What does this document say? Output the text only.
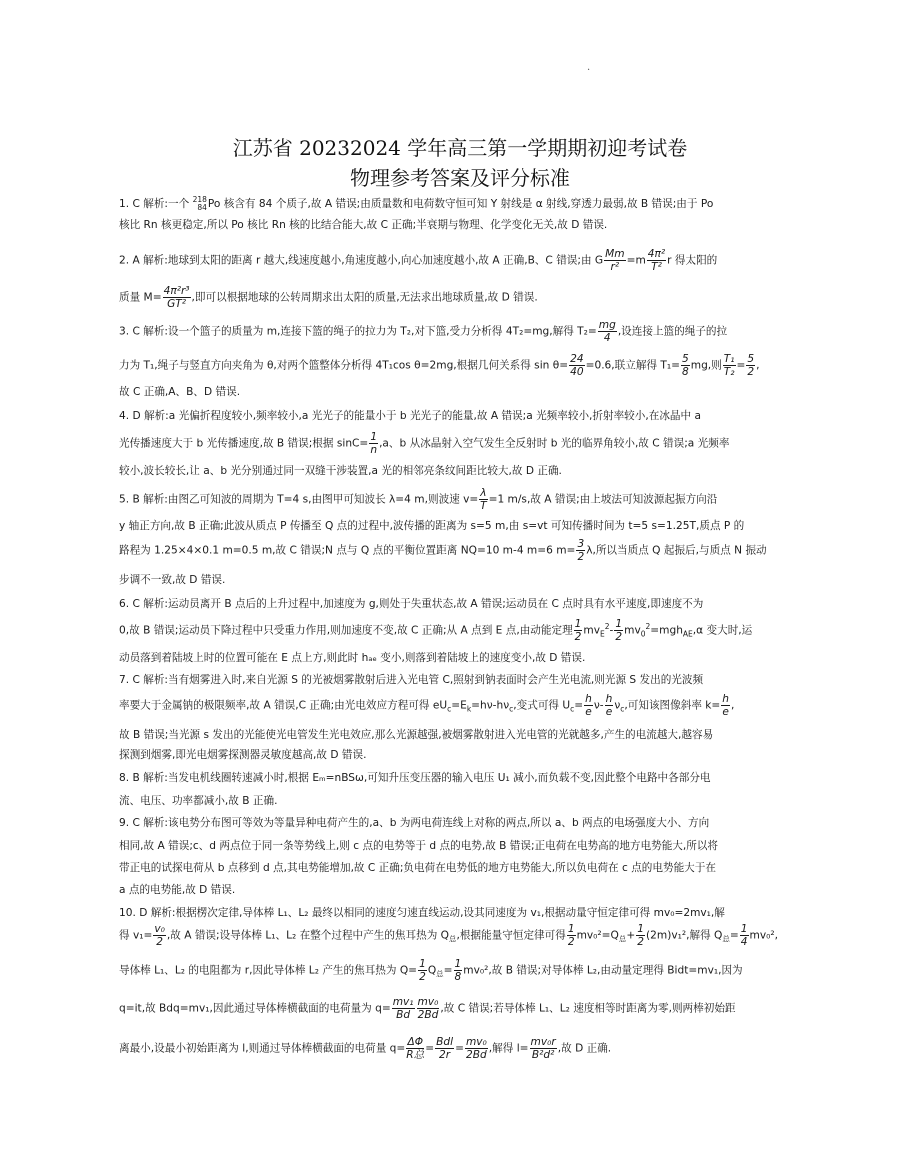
.
江苏省 20232024 学年高三第一学期期初迎考试卷
物理参考答案及评分标准
1. C 解析:一个 218
84 Po 核含有 84 个质子,故 A 错误;由质量数和电荷数守恒可知 Y 射线是 α 射线,穿透力最弱,故 B 错误;由于 Po
核比 Rn 核更稳定,所以 Po 核比 Rn 核的比结合能大,故 C 正确;半衰期与物理、化学变化无关,故 D 错误.
2. A 解析:地球到太阳的距离 r 越大,线速度越小,角速度越小,向心加速度越小,故 A 正确,B、C 错误;由 G $\frac{Mm}{\text{r²}} =m \frac{\text{4π²}}{\text{T²}}$ r 得太阳的
质量 $M= \frac{\text{4π²r³}}{\text{GT²}}$ ,即可以根据地球的公转周期求出太阳的质量,无法求出地球质量,故 D 错误.
3. C 解析:设一个篮子的质量为 m,连接下篮的绳子的拉力为 T₂,对下篮,受力分析得 4T₂=mg,解得 $T_2= \frac{mg}{4}$ ,设连接上篮的绳子的拉
力为 T₁,绳子与竖直方向夹角为 θ,对两个篮整体分析得 4T₁cos θ=2mg,根据几何关系得 $\sin \theta= \frac{24}{40} =0.6$,联立解得 $T_1= \frac{5}{8}$ mg,则 $\frac{\text{T₁}}{\text{T₂}} = \frac{5}{2}$ ,
故 C 正确,A、B、D 错误.
4. D 解析:a 光偏折程度较小,频率较小,a 光光子的能量小于 b 光光子的能量,故 A 错误;a 光频率较小,折射率较小,在冰晶中 a
光传播速度大于 b 光传播速度,故 B 错误;根据 $\sin C= \frac{1}{n} ,a$、b 从冰晶射入空气发生全反射时 b 光的临界角较小,故 C 错误;a 光频率
较小,波长较长,让 a、b 光分别通过同一双缝干涉装置,a 光的相邻亮条纹间距比较大,故 D 正确.
5. B 解析:由图乙可知波的周期为 T=4 s,由图甲可知波长 λ=4 m,则波速 $v= \frac{\lambda}{T} =1$ m/s,故 A 错误;由上坡法可知波源起振方向沿
y 轴正方向,故 B 正确;此波从质点 P 传播至 Q 点的过程中,波传播的距离为 s=5 m,由 s=vt 可知传播时间为 t=5 s=1.25T,质点 P 的
路程为 1.25×4×0.1 m=0.5 m,故 C 错误;N 点与 Q 点的平衡位置距离 NQ=10 m-4 m=6 $m= \frac{3}{2} \lambda$,所以当质点 Q 起振后,与质点 N 振动
步调不一致,故 D 错误.
6. C 解析:运动员离开 B 点后的上升过程中,加速度为 g,则处于失重状态,故 A 错误;运动员在 C 点时具有水平速度,即速度不为
0,故 B 错误;运动员下降过程中只受重力作用,则加速度不变,故 C 正确;从 A 点到 E 点,由动能定理 $\frac{1}{2} mv_E^2- \frac{1}{2} mv_0^2=mgh_{AE},\alpha$ 变大时,运
动员落到着陆坡上时的位置可能在 E 点上方,则此时 hₐₑ 变小,则落到着陆坡上的速度变小,故 D 错误.
7. C 解析:当有烟雾进入时,来自光源 S 的光被烟雾散射后进入光电管 C,照射到钠表面时会产生光电流,则光源 S 发出的光波频
率要大于金属钠的极限频率,故 A 错误,C 正确;由光电效应方程可得 $eU_c=E_k=h\nu-h\nu_c$,变式可得 $U_c= \frac{h}{e} \nu- \frac{h}{e} \nu_c$,可知该图像斜率 $k= \frac{h}{e}$ ,
故 B 错误;当光源 s 发出的光能使光电管发生光电效应,那么光源越强,被烟雾散射进入光电管的光就越多,产生的电流越大,越容易
探测到烟雾,即光电烟雾探测器灵敏度越高,故 D 错误.
8. B 解析:当发电机线圈转速减小时,根据 Eₘ=nBSω,可知升压变压器的输入电压 U₁ 减小,而负载不变,因此整个电路中各部分电
流、电压、功率都减小,故 B 正确.
9. C 解析:该电势分布图可等效为等量异种电荷产生的,a、b 为两电荷连线上对称的两点,所以 a、b 两点的电场强度大小、方向
相同,故 A 错误;c、d 两点位于同一条等势线上,则 c 点的电势等于 d 点的电势,故 B 错误;正电荷在电势高的地方电势能大,所以将
带正电的试探电荷从 b 点移到 d 点,其电势能增加,故 C 正确;负电荷在电势低的地方电势能大,所以负电荷在 c 点的电势能大于在
a 点的电势能,故 D 错误.
10. D 解析:根据楞次定律,导体棒 L₁、L₂ 最终以相同的速度匀速直线运动,设其同速度为 v₁,根据动量守恒定律可得 mv₀=2mv₁,解
得 $v_1= \frac{\text{v₀}}{2}$ ,故 A 错误;设导体棒 L₁、L₂ 在整个过程中产生的焦耳热为 $Q_总$,根据能量守恒定律可得 $\frac{1}{2} mv_0^2=Q_总+ \frac{1}{2} (2m)v_1^2$,解得 $Q_总= \frac{1}{4} mv_0^2$,
导体棒 L₁、L₂ 的电阻都为 r,因此导体棒 L₂ 产生的焦耳热为 $Q= \frac{1}{2} Q_总= \frac{1}{8} mv_0^2$,故 B 错误;对导体棒 L₂,由动量定理得 Bidt=mv₁,因为
q=it,故 Bdq=mv₁,因此通过导体棒横截面的电荷量为 $q= \frac{\text{mv₁}}{Bd} \frac{\text{mv₀}}{2Bd}$ ,故 C 错误;若导体棒 L₁、L₂ 速度相等时距离为零,则两棒初始距
离最小,设最小初始距离为 l,则通过导体棒横截面的电荷量 $q= \frac{\Delta\Phi}{\text{R总}} = \frac{\text{Bdl}}{2r} = \frac{\text{mv₀}}{2Bd}$ ,解得 $l= \frac{\text{mv₀r}}{\text{B²d²}}$ ,故 D 正确.
